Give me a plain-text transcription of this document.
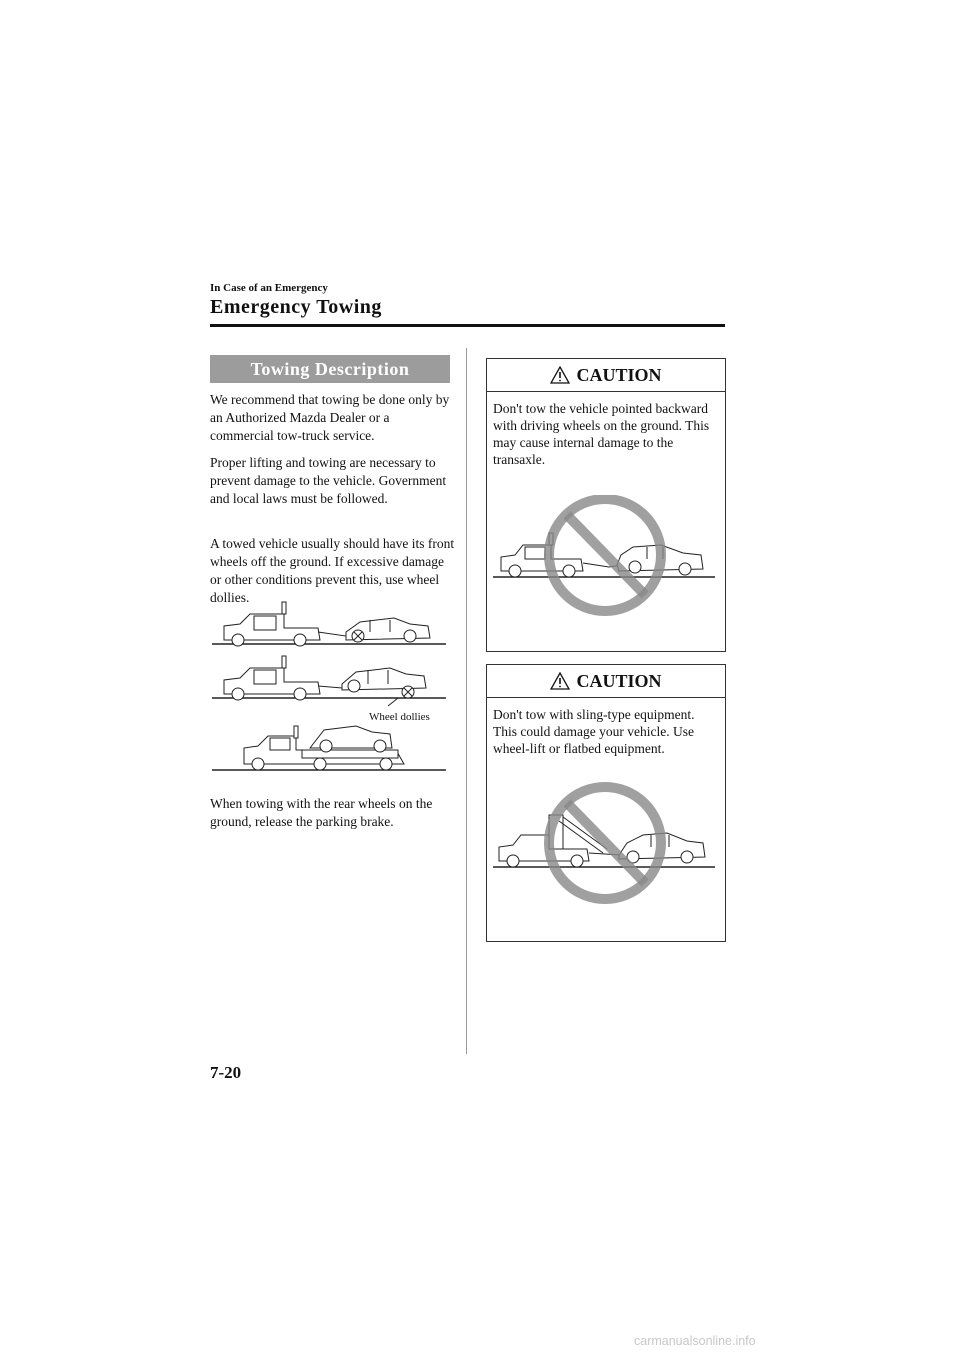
In Case of an Emergency
Emergency Towing
Towing Description

We recommend that towing be done only by an Authorized Mazda Dealer or a commercial tow-truck service.

Proper lifting and towing are necessary to prevent damage to the vehicle. Government and local laws must be followed.

A towed vehicle usually should have its front wheels off the ground. If excessive damage or other conditions prevent this, use wheel dollies.

Wheel dollies

When towing with the rear wheels on the ground, release the parking brake.

CAUTION
Don't tow the vehicle pointed backward with driving wheels on the ground. This may cause internal damage to the transaxle.
CAUTION
Don't tow with sling-type equipment. This could damage your vehicle. Use wheel-lift or flatbed equipment.
7-20
carmanualsonline.info
